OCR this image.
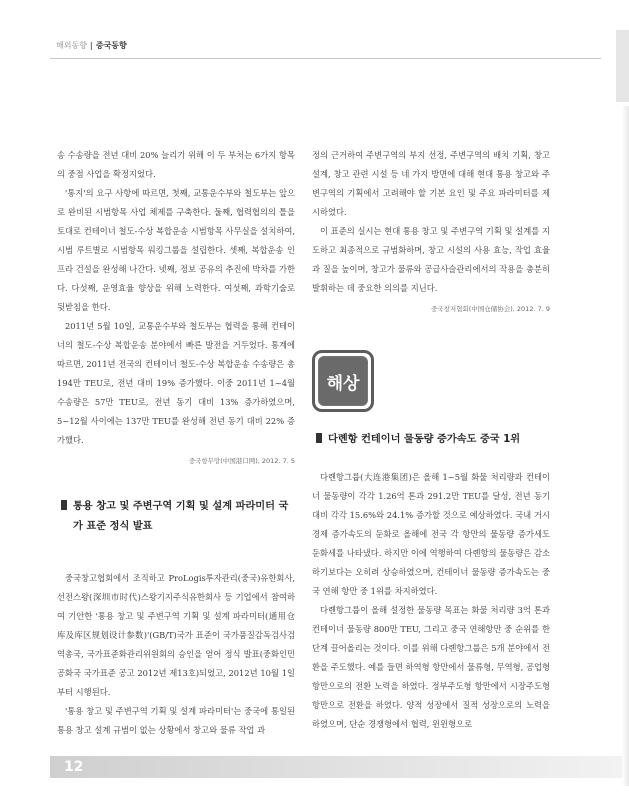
해외동향 | 중국동향

송 수송량을 전년 대비 20% 늘리기 위해 이 두 부처는 6가지 항목의 중점 사업을 확정지었다.

'통지'의 요구 사항에 따르면, 첫째, 교통운수부와 철도부는 앞으로 완비된 시범항목 사업 체제를 구축한다. 둘째, 협력협의의 틀을 토대로 컨테이너 철도-수상 복합운송 시범항목 사무실을 설치하여, 시범 루트별로 시범항목 워킹그룹을 설립한다. 셋째, 복합운송 인프라 건설을 완성해 나간다. 넷째, 정보 공유의 추진에 박차를 가한다. 다섯째, 운영효율 향상을 위해 노력한다. 여섯째, 과학기술로 뒷받침을 한다.

2011년 5월 10일, 교통운수부와 철도부는 협력을 통해 컨테이너의 철도-수상 복합운송 분야에서 빠른 발전을 거두었다. 통계에 따르면, 2011년 전국의 컨테이너 철도-수상 복합운송 수송량은 총 194만 TEU로, 전년 대비 19% 증가했다. 이중 2011년 1~4월 수송량은 57만 TEU로, 전년 동기 대비 13% 증가하였으며, 5~12월 사이에는 137만 TEU를 완성해 전년 동기 대비 22% 증가했다.

중국항무망(中国港口网), 2012. 7. 5

통용 창고 및 주변구역 기획 및 설계 파라미터 국가 표준 정식 발표

중국창고협회에서 조직하고 ProLogis투자관리(중국)유한회사, 선전스왕(深圳市时代)스왕기지주식유한회사 등 기업에서 참여하여 기안한 '통용 창고 및 주변구역 기획 및 설계 파라미터(通用仓库及库区规划设计参数)'(GB/T)국가 표준이 국가품질감독검사검역총국, 국가표준화관리위원회의 승인을 얻어 정식 발표(중화인민공화국 국가표준 공고 2012년 제13호)되었고, 2012년 10월 1일부터 시행된다.

'통용 창고 및 주변구역 기획 및 설계 파라미터'는 중국에 통일된 통용 창고 설계 규범이 없는 상황에서 창고와 물류 작업 과

정의 근거하여 주변구역의 부지 선정, 주변구역의 배치 기획, 창고 설계, 창고 관련 시설 등 네 가지 방면에 대해 현대 통용 창고와 주변구역의 기획에서 고려해야 할 기본 요인 및 주요 파라미터를 제시하였다.

이 표준의 실시는 현대 통용 창고 및 주변구역 기획 및 설계를 지도하고 최종적으로 규범화하며, 창고 시설의 사용 효능, 작업 효율과 질을 높이며, 창고가 물류와 공급사슬관리에서의 작용을 충분히 발휘하는 데 중요한 의의를 지닌다.

중국창저협회(中国仓储协会), 2012. 7. 9

해상

다롄항 컨테이너 물동량 증가속도 중국 1위

다롄항그룹(大连港集团)은 올해 1~5월 화물 처리량과 컨테이너 물동량이 각각 1.26억 톤과 291.2만 TEU를 달성, 전년 동기 대비 각각 15.6%와 24.1% 증가할 것으로 예상하였다. 국내 거시경제 증가속도의 둔화로 올해에 전국 각 항만의 물동량 증가세도 둔화세를 나타냈다. 하지만 이에 역행하여 다롄항의 물동량은 감소하기보다는 오히려 상승하였으며, 컨테이너 물동량 증가속도는 중국 연해 항만 중 1위를 차지하였다.

다롄항그룹이 올해 설정한 물동량 목표는 화물 처리량 3억 톤과 컨테이너 물동량 800만 TEU, 그리고 중국 연해항만 중 순위를 한단계 끌어올리는 것이다. 이를 위해 다롄항그룹은 5개 분야에서 전환을 주도했다. 예를 들면 하역형 항만에서 물류형, 무역형, 공업형 항만으로의 전환 노력을 하였다. 정부주도형 항만에서 시장주도형 항만으로 전환을 하였다. 양적 성장에서 질적 성장으로의 노력을 하였으며, 단순 경쟁형에서 협력, 윈윈형으로

12
